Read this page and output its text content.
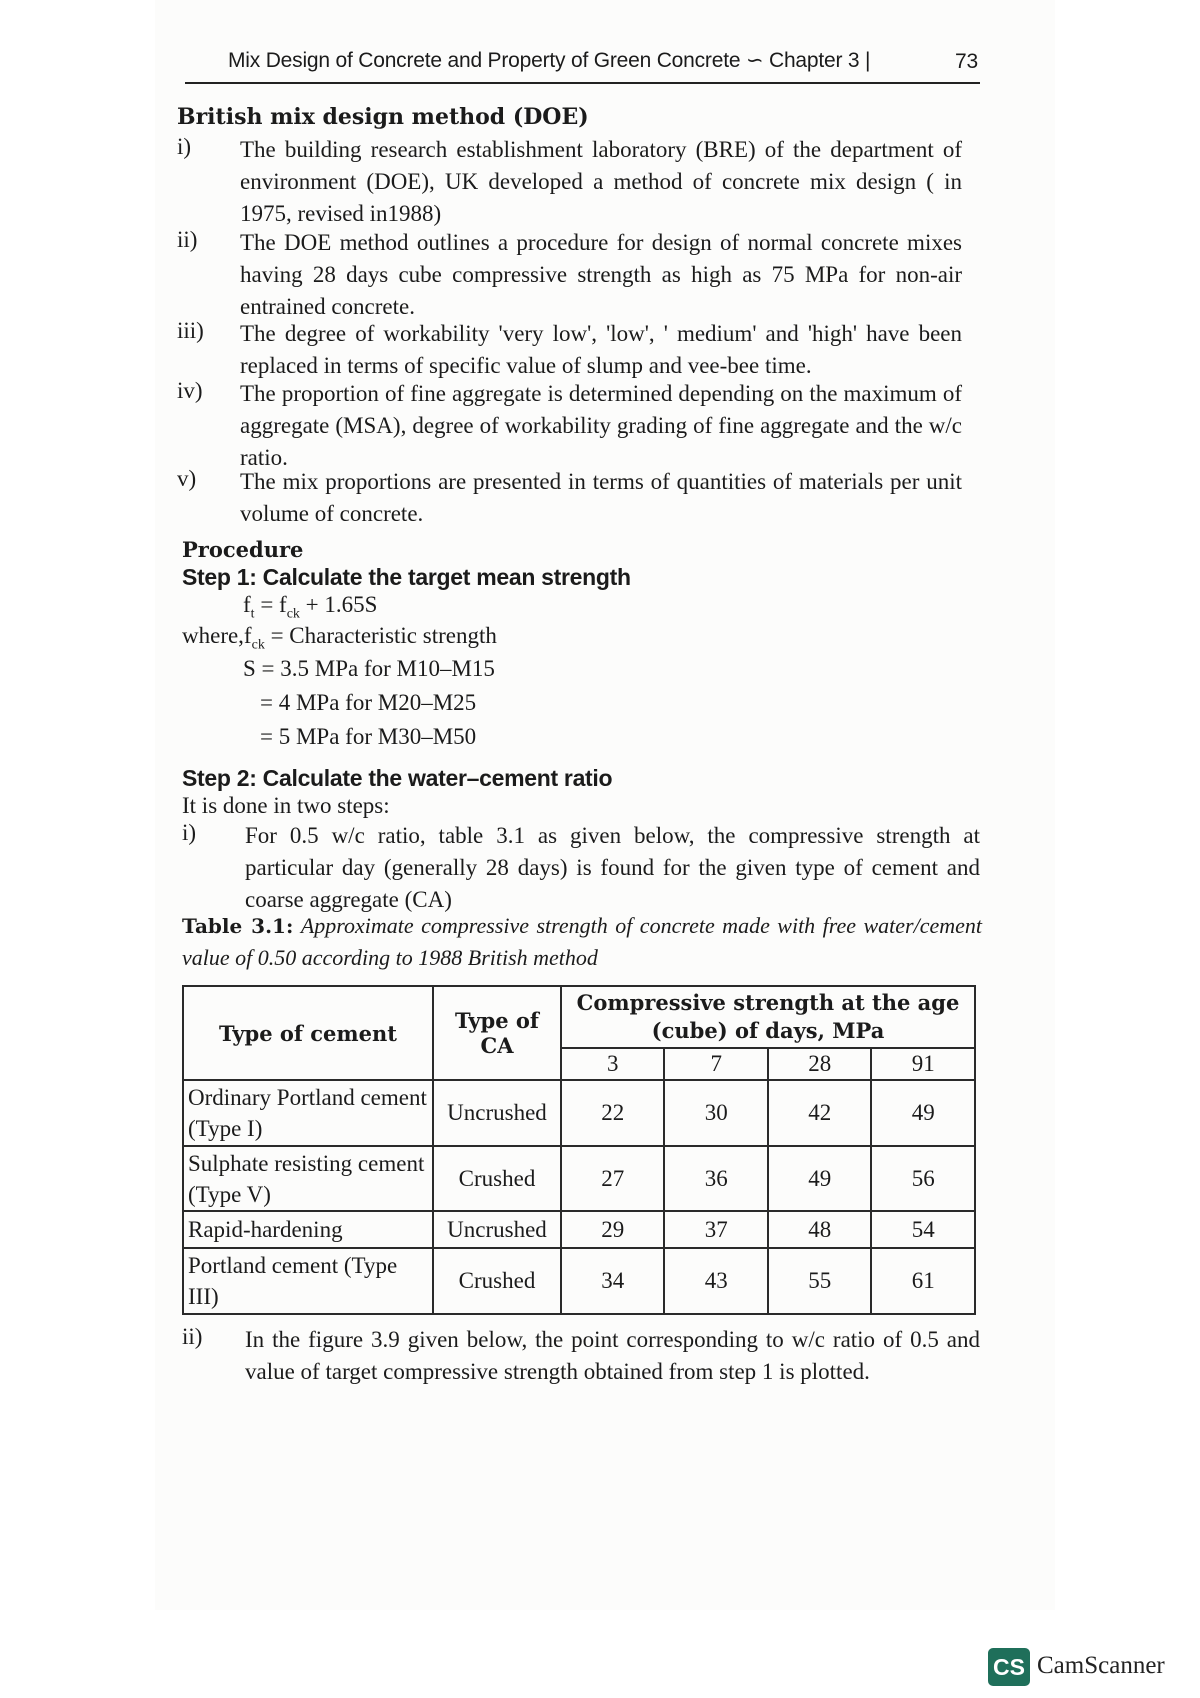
Mix Design of Concrete and Property of Green Concrete ∽ Chapter 3 |	73
British mix design method (DOE)
i) The building research establishment laboratory (BRE) of the department of environment (DOE), UK developed a method of concrete mix design ( in 1975, revised in1988)
ii) The DOE method outlines a procedure for design of normal concrete mixes having 28 days cube compressive strength as high as 75 MPa for non-air entrained concrete.
iii) The degree of workability 'very low', 'low', ' medium' and 'high' have been replaced in terms of specific value of slump and vee-bee time.
iv) The proportion of fine aggregate is determined depending on the maximum of aggregate (MSA), degree of workability grading of fine aggregate and the w/c ratio.
v) The mix proportions are presented in terms of quantities of materials per unit volume of concrete.
Procedure
Step 1: Calculate the target mean strength
$f_t = f_{ck} + 1.65S$
$where,f_{ck}$ = Characteristic strength
S = 3.5 MPa for M10–M15
= 4 MPa for M20–M25
= 5 MPa for M30–M50
Step 2: Calculate the water–cement ratio
It is done in two steps:
i) For 0.5 w/c ratio, table 3.1 as given below, the compressive strength at particular day (generally 28 days) is found for the given type of cement and coarse aggregate (CA)
Table 3.1: Approximate compressive strength of concrete made with free water/cement value of 0.50 according to 1988 British method
Type of cement	Type of CA	Compressive strength at the age (cube) of days, MPa			
		3	7	28	91
Ordinary Portland cement (Type I)	Uncrushed	22	30	42	49
Sulphate resisting cement (Type V)	Crushed	27	36	49	56
Rapid-hardening	Uncrushed	29	37	48	54
Portland cement (Type III)	Crushed	34	43	55	61
ii) In the figure 3.9 given below, the point corresponding to w/c ratio of 0.5 and value of target compressive strength obtained from step 1 is plotted.
CS CamScanner
